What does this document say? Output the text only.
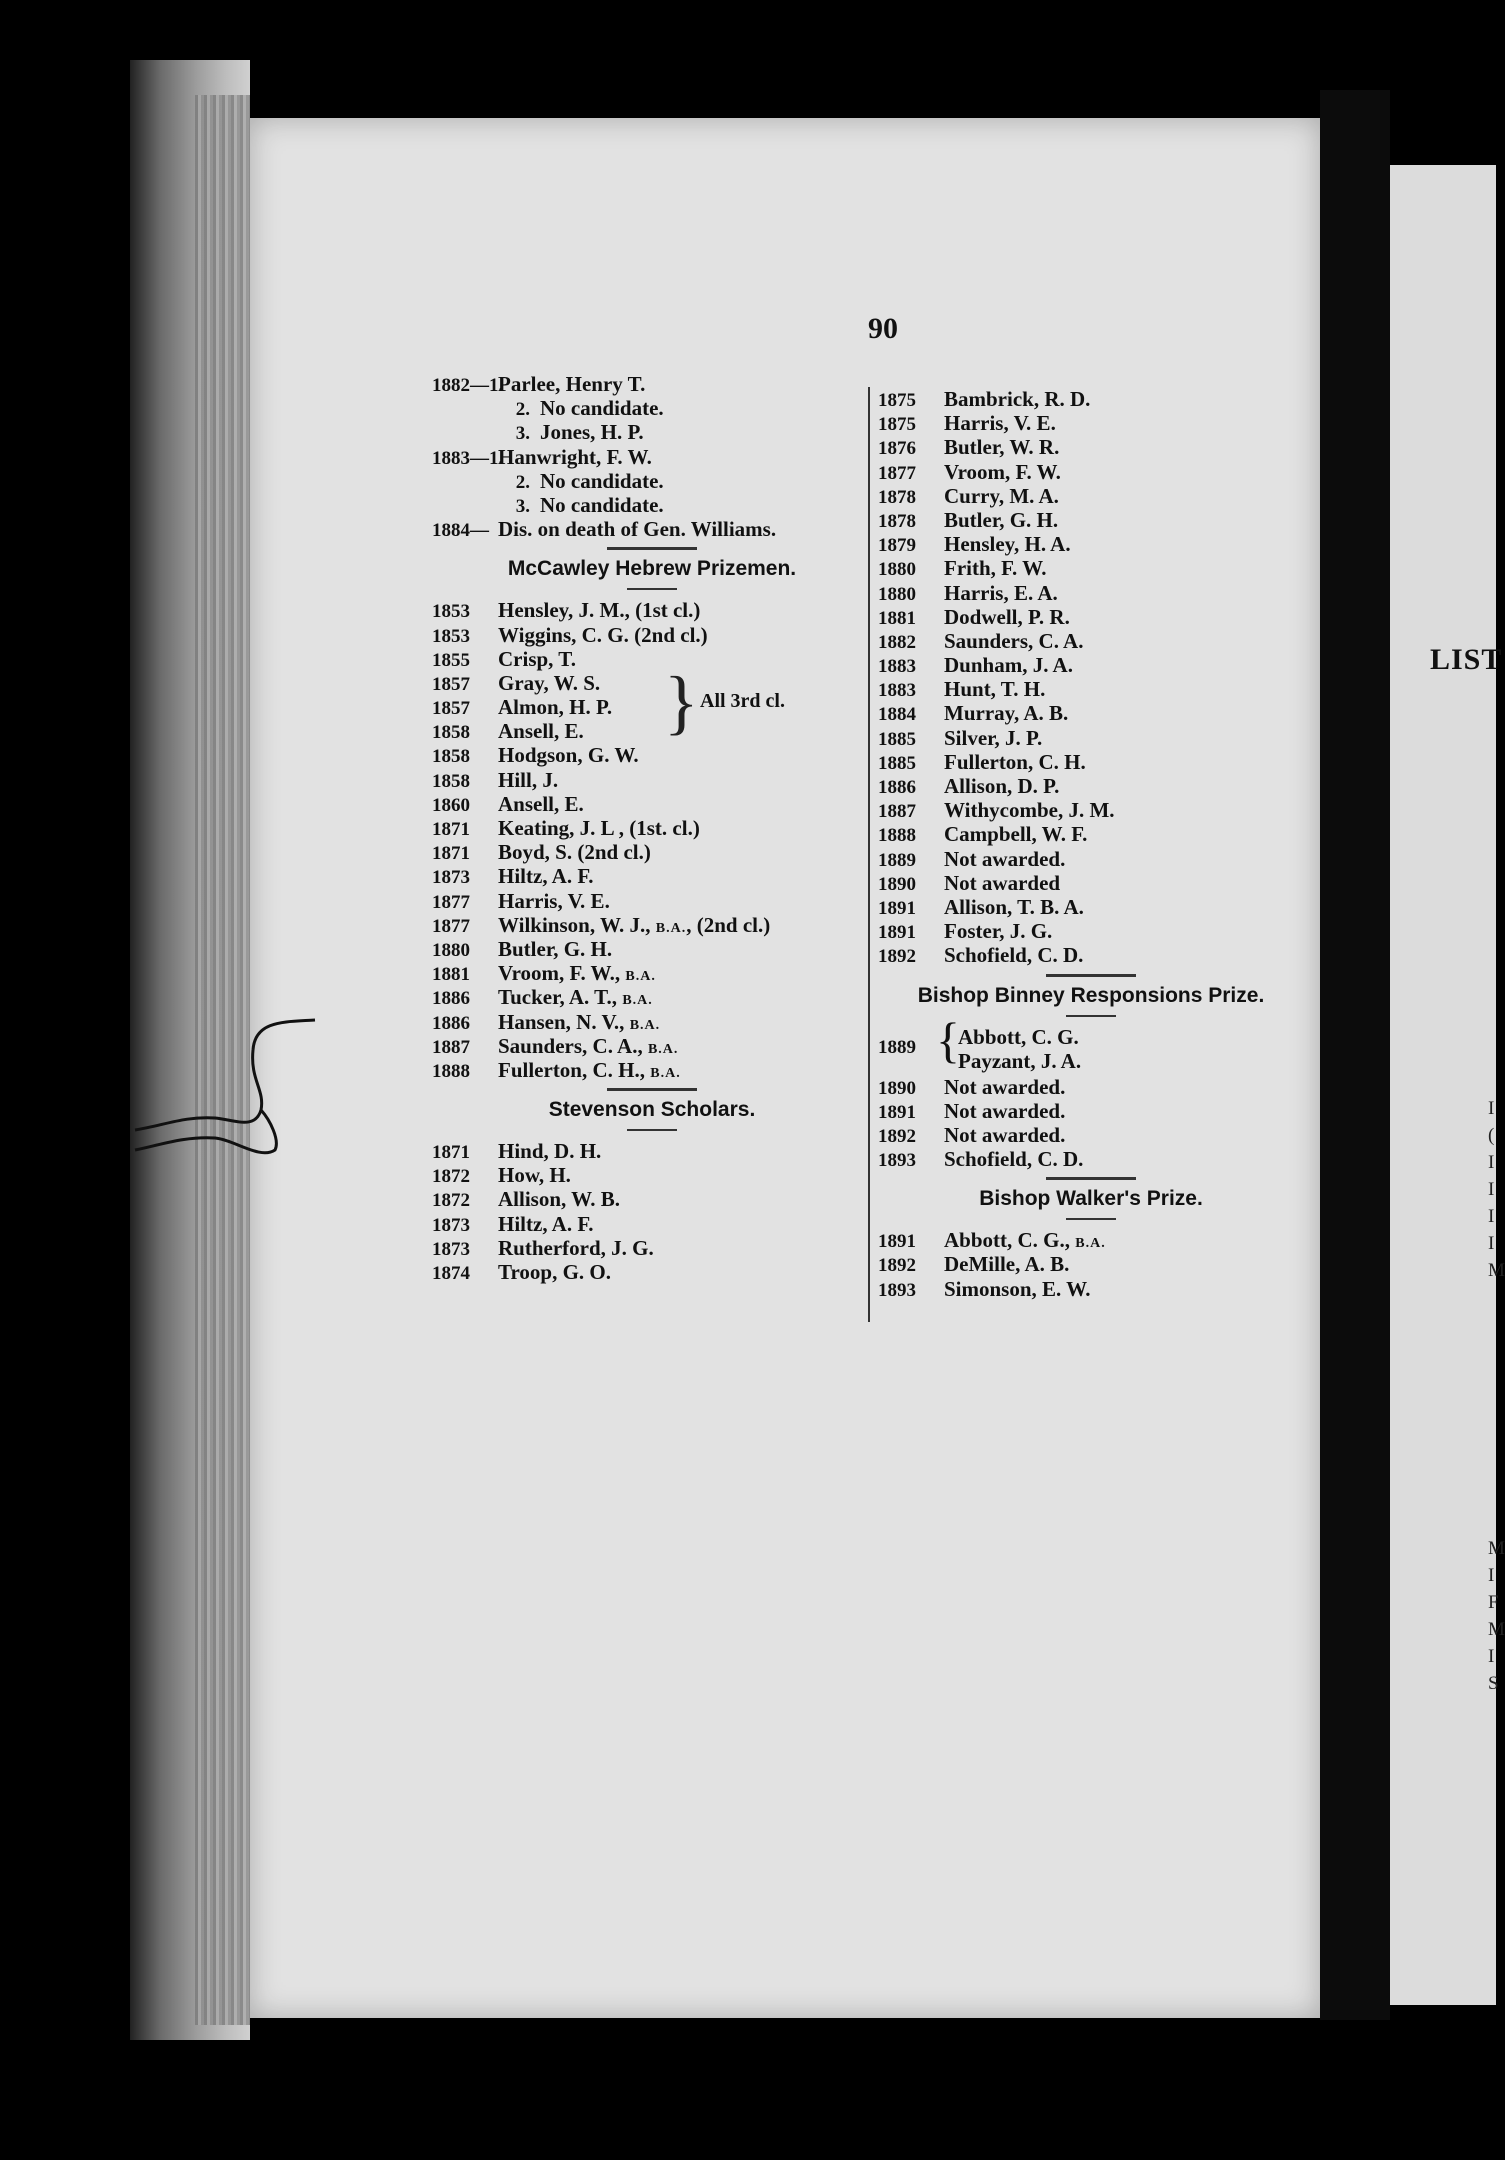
LIST
I
(
I
I
I
I
M
M
I
F
M
I
S
90
1882—1.Parlee, Henry T.
2. No candidate.
3. Jones, H. P.
1883—1.Hanwright, F. W.
2. No candidate.
3. No candidate.
1884— Dis. on death of Gen. Williams.
McCawley Hebrew Prizemen.
} All 3rd cl.
1853 Hensley, J. M., (1st cl.)
1853 Wiggins, C. G. (2nd cl.)
1855 Crisp, T.
1857 Gray, W. S.
1857 Almon, H. P.
1858 Ansell, E.
1858 Hodgson, G. W.
1858 Hill, J.
1860 Ansell, E.
1871 Keating, J. L , (1st. cl.)
1871 Boyd, S. (2nd cl.)
1873 Hiltz, A. F.
1877 Harris, V. E.
1877 Wilkinson, W. J., B.A., (2nd cl.)
1880 Butler, G. H.
1881 Vroom, F. W., B.A.
1886 Tucker, A. T., B.A.
1886 Hansen, N. V., B.A.
1887 Saunders, C. A., B.A.
1888 Fullerton, C. H., B.A.
Stevenson Scholars.
1871 Hind, D. H.
1872 How, H.
1872 Allison, W. B.
1873 Hiltz, A. F.
1873 Rutherford, J. G.
1874 Troop, G. O.
1875 Bambrick, R. D.
1875 Harris, V. E.
1876 Butler, W. R.
1877 Vroom, F. W.
1878 Curry, M. A.
1878 Butler, G. H.
1879 Hensley, H. A.
1880 Frith, F. W.
1880 Harris, E. A.
1881 Dodwell, P. R.
1882 Saunders, C. A.
1883 Dunham, J. A.
1883 Hunt, T. H.
1884 Murray, A. B.
1885 Silver, J. P.
1885 Fullerton, C. H.
1886 Allison, D. P.
1887 Withycombe, J. M.
1888 Campbell, W. F.
1889 Not awarded.
1890 Not awarded
1891 Allison, T. B. A.
1891 Foster, J. G.
1892 Schofield, C. D.
Bishop Binney Responsions Prize.
1889 {
Abbott, C. G.
Payzant, J. A.
1890 Not awarded.
1891 Not awarded.
1892 Not awarded.
1893 Schofield, C. D.
Bishop Walker's Prize.
1891 Abbott, C. G., B.A.
1892 DeMille, A. B.
1893 Simonson, E. W.
